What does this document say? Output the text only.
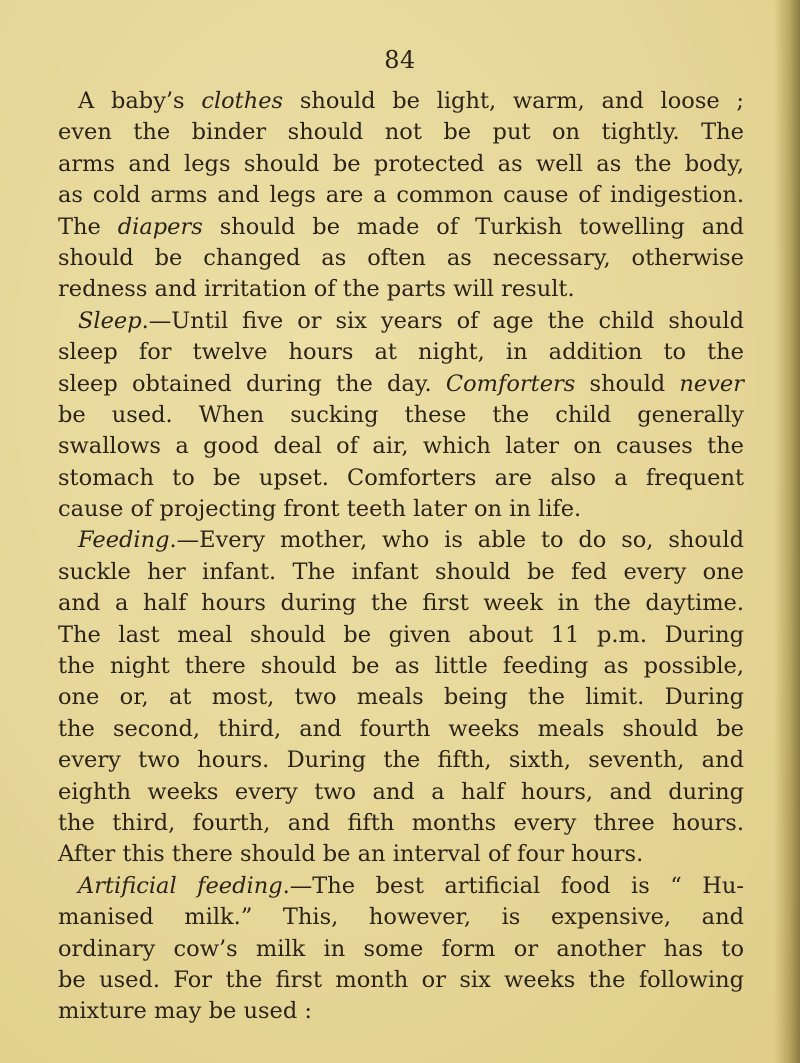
84
A baby’s clothes should be light, warm, and loose ;
even the binder should not be put on tightly. The
arms and legs should be protected as well as the body,
as cold arms and legs are a common cause of indigestion.
The diapers should be made of Turkish towelling and
should be changed as often as necessary, otherwise
redness and irritation of the parts will result.
Sleep.—Until five or six years of age the child should
sleep for twelve hours at night, in addition to the
sleep obtained during the day. Comforters should never
be used. When sucking these the child generally
swallows a good deal of air, which later on causes the
stomach to be upset. Comforters are also a frequent
cause of projecting front teeth later on in life.
Feeding.—Every mother, who is able to do so, should
suckle her infant. The infant should be fed every one
and a half hours during the first week in the daytime.
The last meal should be given about 11 p.m. During
the night there should be as little feeding as possible,
one or, at most, two meals being the limit. During
the second, third, and fourth weeks meals should be
every two hours. During the fifth, sixth, seventh, and
eighth weeks every two and a half hours, and during
the third, fourth, and fifth months every three hours.
After this there should be an interval of four hours.
Artificial feeding.—The best artificial food is “ Hu-
manised milk.” This, however, is expensive, and
ordinary cow’s milk in some form or another has to
be used. For the first month or six weeks the following
mixture may be used :
